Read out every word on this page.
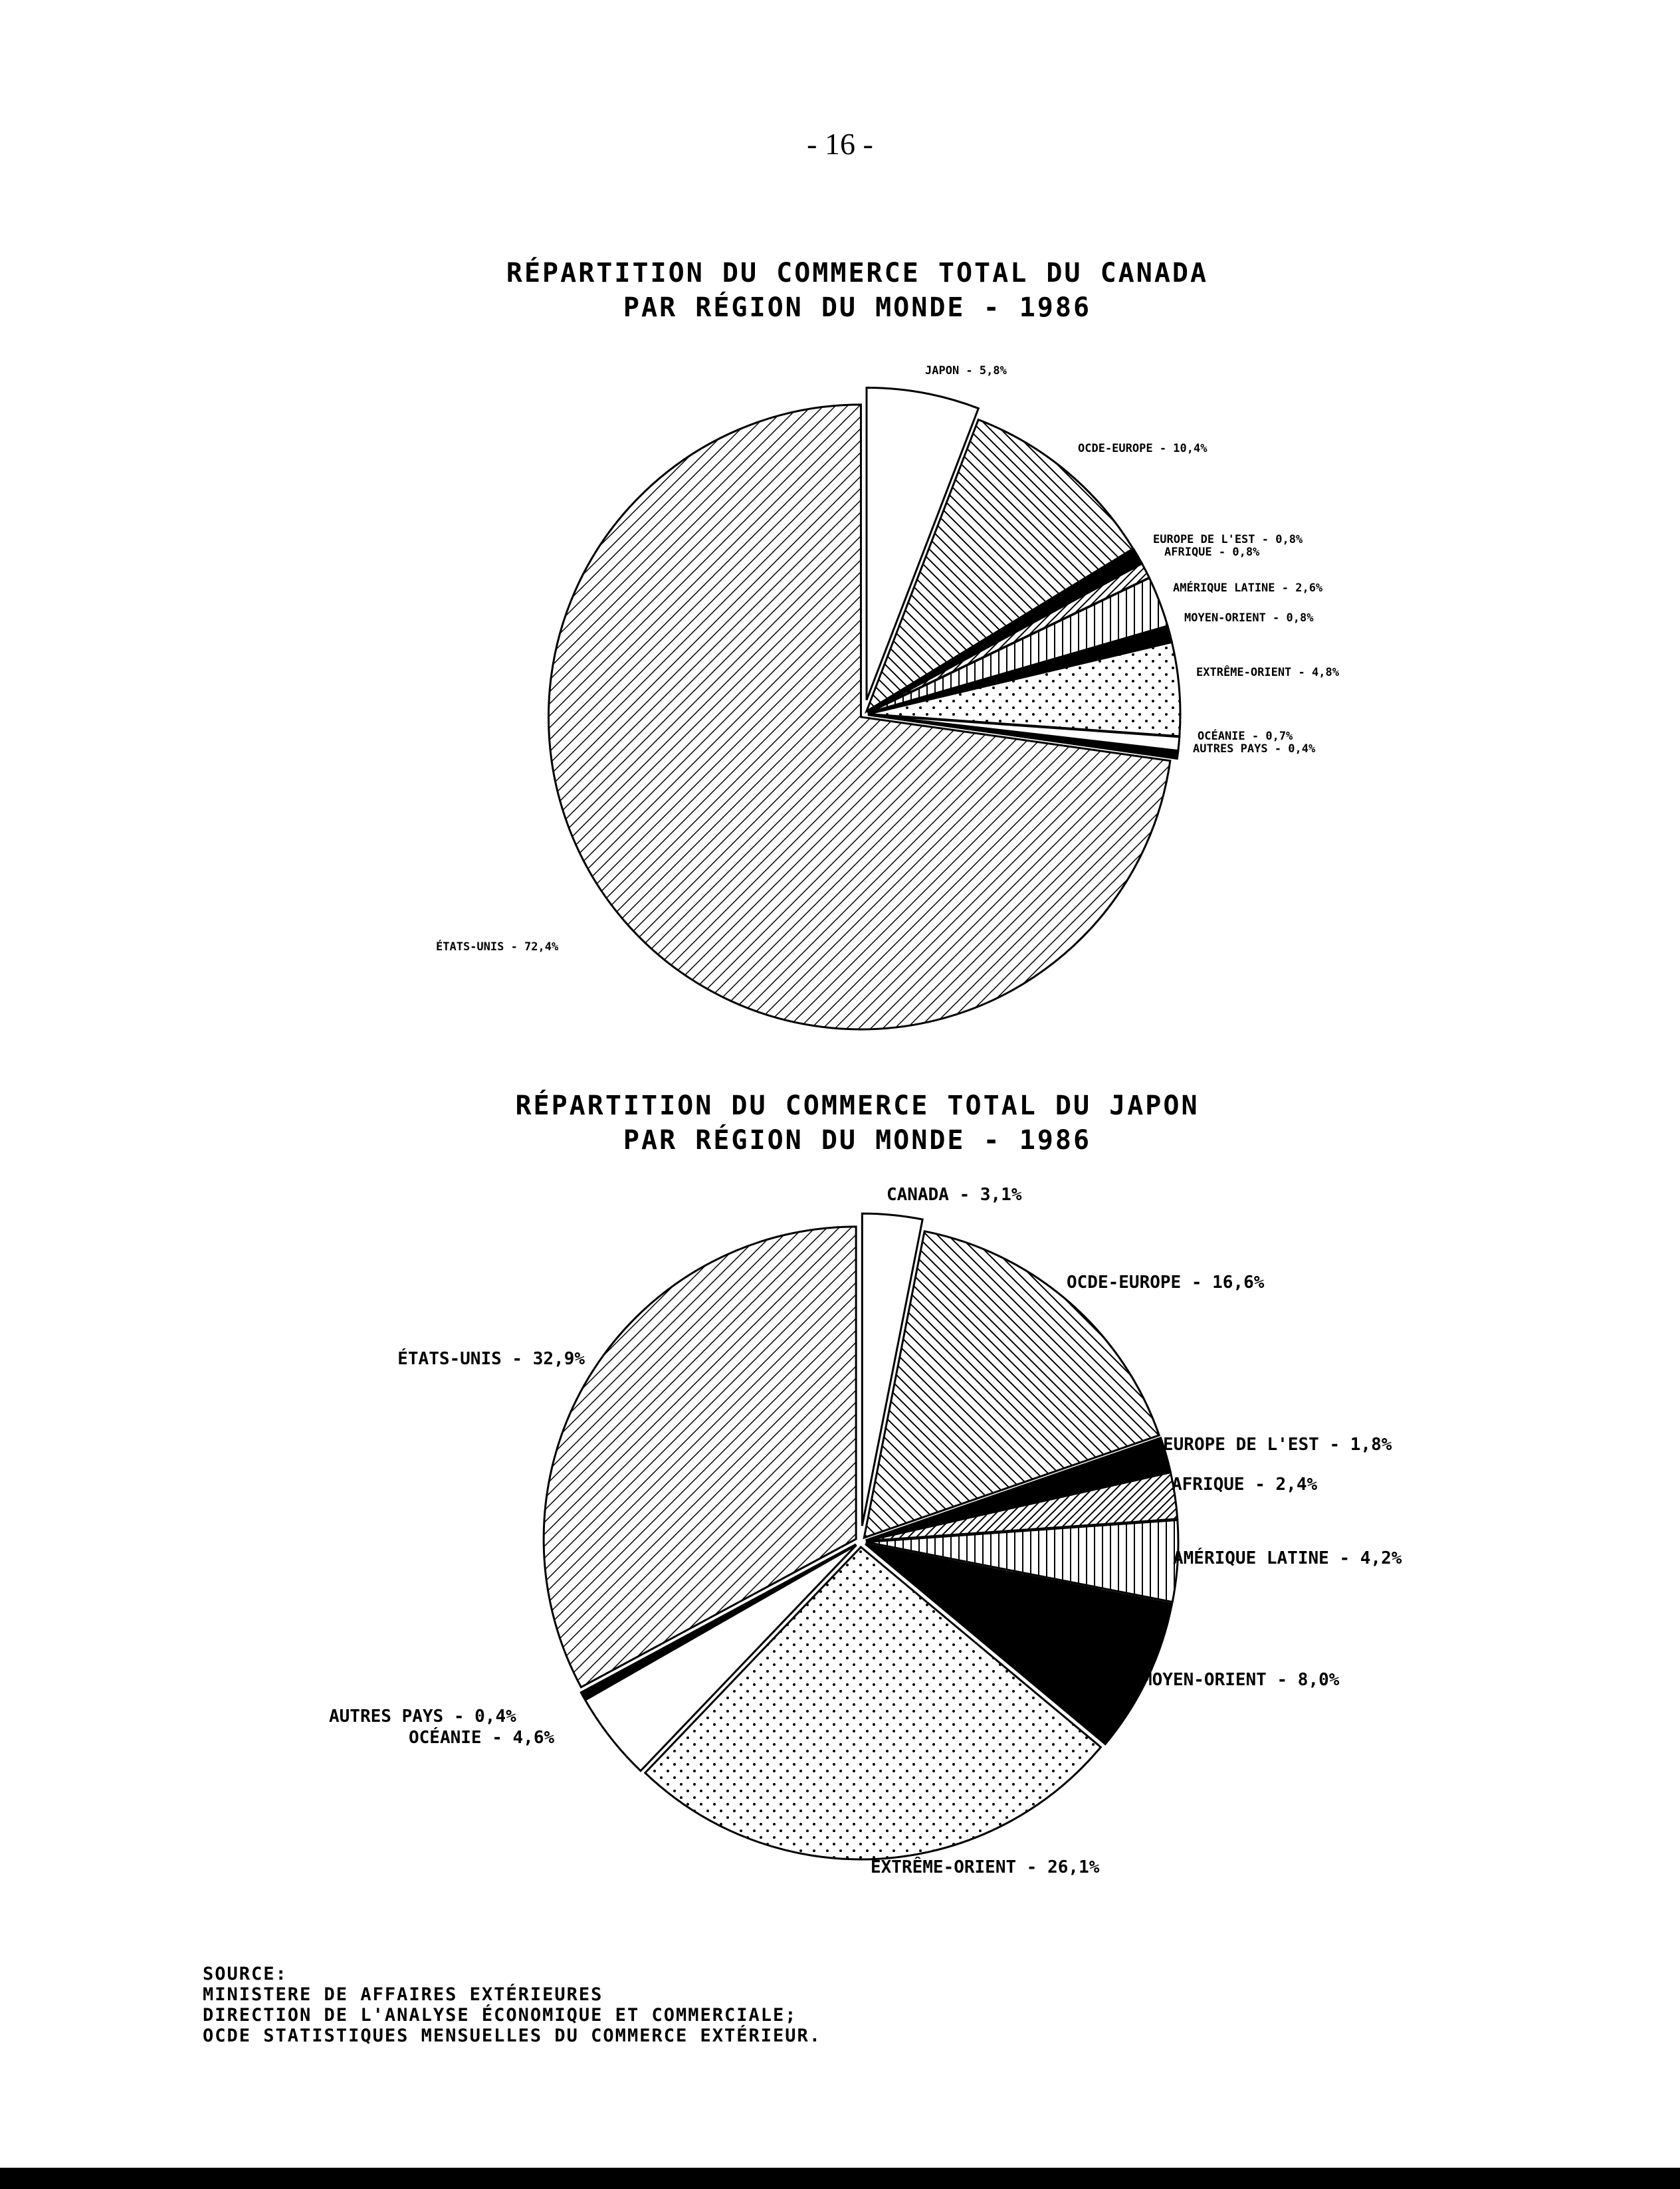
- 16 -
RÉPARTITION DU COMMERCE TOTAL DU CANADA
PAR RÉGION DU MONDE - 1986
JAPON - 5,8%
OCDE-EUROPE - 10,4%
EUROPE DE L'EST - 0,8%
AFRIQUE - 0,8%
AMÉRIQUE LATINE - 2,6%
MOYEN-ORIENT - 0,8%
EXTRÊME-ORIENT - 4,8%
OCÉANIE - 0,7%
AUTRES PAYS - 0,4%
ÉTATS-UNIS - 72,4%
RÉPARTITION DU COMMERCE TOTAL DU JAPON
PAR RÉGION DU MONDE - 1986
CANADA - 3,1%
OCDE-EUROPE - 16,6%
EUROPE DE L'EST - 1,8%
AFRIQUE - 2,4%
AMÉRIQUE LATINE - 4,2%
MOYEN-ORIENT - 8,0%
EXTRÊME-ORIENT - 26,1%
OCÉANIE - 4,6%
AUTRES PAYS - 0,4%
ÉTATS-UNIS - 32,9%
SOURCE:
MINISTERE DE AFFAIRES EXTÉRIEURES
DIRECTION DE L'ANALYSE ÉCONOMIQUE ET COMMERCIALE;
OCDE STATISTIQUES MENSUELLES DU COMMERCE EXTÉRIEUR.
